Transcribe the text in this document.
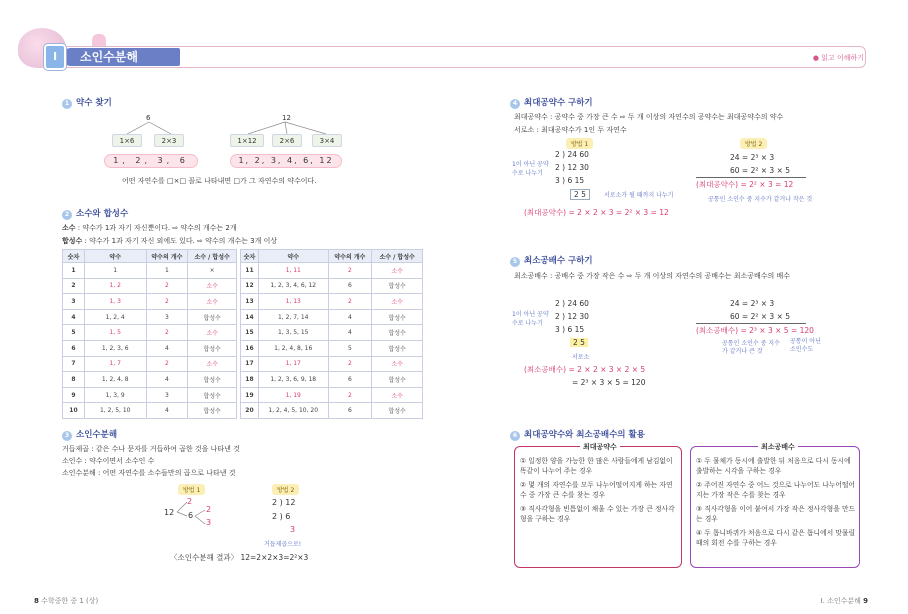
소인수분해
I	● 읽고 이해하기
1 약수 찾기
6
1×6	2×3
1, 2, 3, 6
12
1×12	2×6	3×4
1, 2, 3, 4, 6, 12
어떤 자연수를 □×□ 꼴로 나타내면 □가 그 자연수의 약수이다.
2 소수와 합성수
소수 : 약수가 1과 자기 자신뿐이다. ⇨ 약수의 개수는 2개
합성수 : 약수가 1과 자기 자신 외에도 있다. ⇨ 약수의 개수는 3개 이상
숫자	약수	약수의 개수	소수 / 합성수
1	1	1	×
2	1, 2	2	소수
3	1, 3	2	소수
4	1, 2, 4	3	합성수
5	1, 5	2	소수
6	1, 2, 3, 6	4	합성수
7	1, 7	2	소수
8	1, 2, 4, 8	4	합성수
9	1, 3, 9	3	합성수
10	1, 2, 5, 10	4	합성수
숫자	약수	약수의 개수	소수 / 합성수
11	1, 11	2	소수
12	1, 2, 3, 4, 6, 12	6	합성수
13	1, 13	2	소수
14	1, 2, 7, 14	4	합성수
15	1, 3, 5, 15	4	합성수
16	1, 2, 4, 8, 16	5	합성수
17	1, 17	2	소수
18	1, 2, 3, 6, 9, 18	6	합성수
19	1, 19	2	소수
20	1, 2, 4, 5, 10, 20	6	합성수
3 소인수분해
거듭제곱 : 같은 수나 문자를 거듭하여 곱한 것을 나타낸 것
소인수 : 약수이면서 소수인 수
소인수분해 : 어떤 자연수를 소수들만의 곱으로 나타낸 것
방법 1	방법 2
12
2
6
2
3
2 ) 12
2 ) 6
3
거듭제곱으로!
〈소인수분해 결과〉 12=2×2×3=2²×3
8 수학중한 중 1 (상)
4 최대공약수 구하기
최대공약수 : 공약수 중 가장 큰 수 ⇨ 두 개 이상의 자연수의 공약수는 최대공약수의 약수
서로소 : 최대공약수가 1인 두 자연수
방법 1	방법 2
1이 아닌 공약수로 나누기
2 ) 24 60
2 ) 12 30
3 ) 6 15
2 5	서로소가 될 때까지 나누기
24 = 2³ × 3
60 = 2² × 3 × 5
(최대공약수) = 2² × 3 = 12
공통인 소인수 중 지수가 같거나 작은 것
(최대공약수) = 2 × 2 × 3 = 2² × 3 = 12
5 최소공배수 구하기
최소공배수 : 공배수 중 가장 작은 수 ⇨ 두 개 이상의 자연수의 공배수는 최소공배수의 배수
1이 아닌 공약수로 나누기
2 ) 24 60
2 ) 12 30
3 ) 6 15
2 5
서로소
24 = 2³ × 3
60 = 2² × 3 × 5
(최소공배수) = 2³ × 3 × 5 = 120
공통인 소인수 중 지수가 같거나 큰 것
공통이 아닌 소인수도
(최소공배수) = 2 × 2 × 3 × 2 × 5
= 2³ × 3 × 5 = 120
6 최대공약수와 최소공배수의 활용
최대공약수
① 일정한 양을 가능한 한 많은 사람들에게 남김없이 똑같이 나누어 주는 경우
② 몇 개의 자연수를 모두 나누어떨어지게 하는 자연수 중 가장 큰 수를 찾는 경우
③ 직사각형을 빈틈없이 채울 수 있는 가장 큰 정사각형을 구하는 경우
최소공배수
① 두 물체가 동시에 출발한 뒤 처음으로 다시 동시에 출발하는 시각을 구하는 경우
② 주어진 자연수 중 어느 것으로 나누어도 나누어떨어지는 가장 작은 수를 찾는 경우
③ 직사각형을 이어 붙여서 가장 작은 정사각형을 만드는 경우
④ 두 톱니바퀴가 처음으로 다시 같은 톱니에서 맞물릴 때의 회전 수를 구하는 경우
I. 소인수분해 9
